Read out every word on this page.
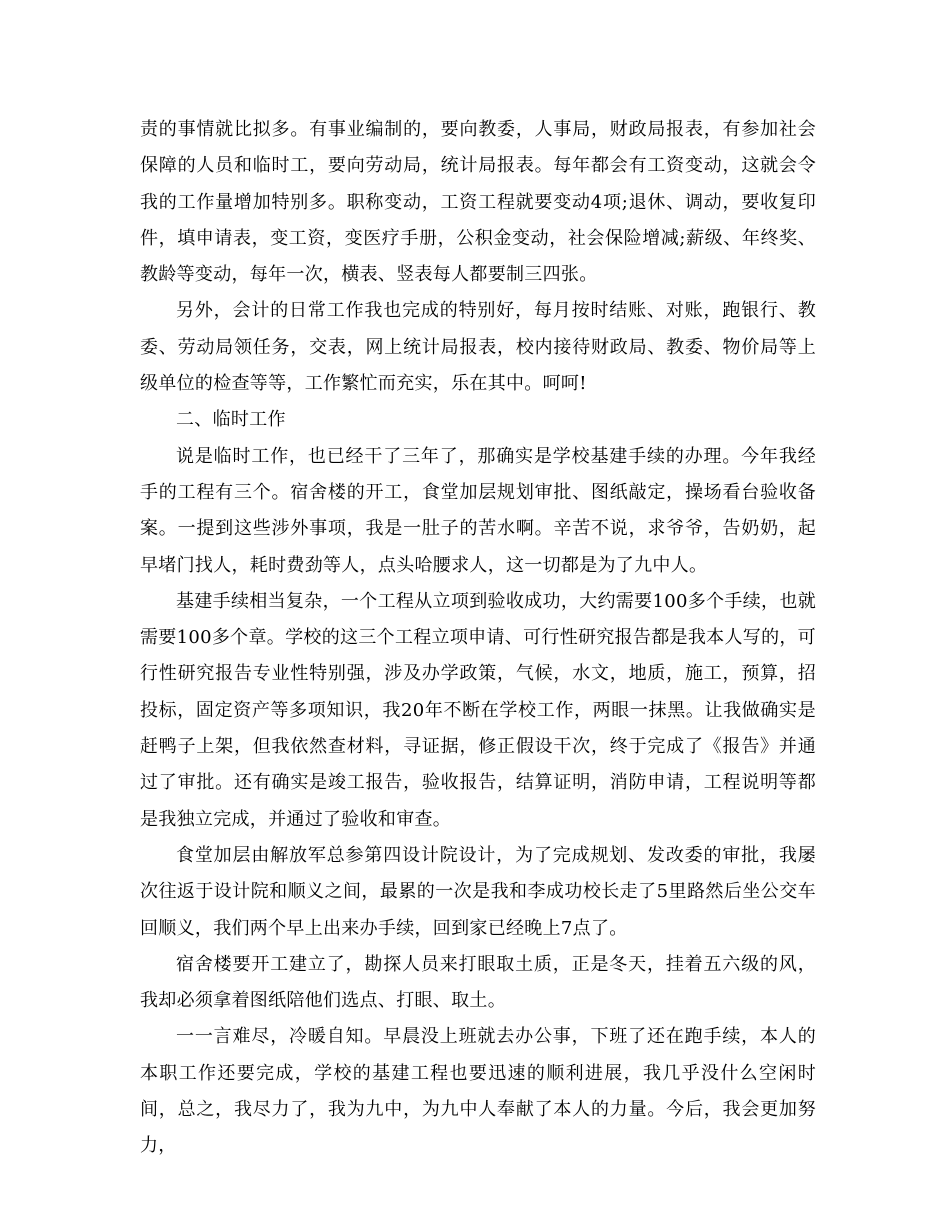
责的事情就比拟多。有事业编制的，要向教委，人事局，财政局报表，有参加社会保障的人员和临时工，要向劳动局，统计局报表。每年都会有工资变动，这就会令我的工作量增加特别多。职称变动，工资工程就要变动4项;退休、调动，要收复印件，填申请表，变工资，变医疗手册，公积金变动，社会保险增减;薪级、年终奖、教龄等变动，每年一次，横表、竖表每人都要制三四张。

另外，会计的日常工作我也完成的特别好，每月按时结账、对账，跑银行、教委、劳动局领任务，交表，网上统计局报表，校内接待财政局、教委、物价局等上级单位的检查等等，工作繁忙而充实，乐在其中。呵呵!

二、临时工作

说是临时工作，也已经干了三年了，那确实是学校基建手续的办理。今年我经手的工程有三个。宿舍楼的开工，食堂加层规划审批、图纸敲定，操场看台验收备案。一提到这些涉外事项，我是一肚子的苦水啊。辛苦不说，求爷爷，告奶奶，起早堵门找人，耗时费劲等人，点头哈腰求人，这一切都是为了九中人。

基建手续相当复杂，一个工程从立项到验收成功，大约需要100多个手续，也就需要100多个章。学校的这三个工程立项申请、可行性研究报告都是我本人写的，可行性研究报告专业性特别强，涉及办学政策，气候，水文，地质，施工，预算，招投标，固定资产等多项知识，我20年不断在学校工作，两眼一抹黑。让我做确实是赶鸭子上架，但我依然查材料，寻证据，修正假设干次，终于完成了《报告》并通过了审批。还有确实是竣工报告，验收报告，结算证明，消防申请，工程说明等都是我独立完成，并通过了验收和审查。

食堂加层由解放军总参第四设计院设计，为了完成规划、发改委的审批，我屡次往返于设计院和顺义之间，最累的一次是我和李成功校长走了5里路然后坐公交车回顺义，我们两个早上出来办手续，回到家已经晚上7点了。

宿舍楼要开工建立了，勘探人员来打眼取土质，正是冬天，挂着五六级的风，我却必须拿着图纸陪他们选点、打眼、取土。

一一言难尽，冷暖自知。早晨没上班就去办公事，下班了还在跑手续，本人的本职工作还要完成，学校的基建工程也要迅速的顺利进展，我几乎没什么空闲时间，总之，我尽力了，我为九中，为九中人奉献了本人的力量。今后，我会更加努力，
